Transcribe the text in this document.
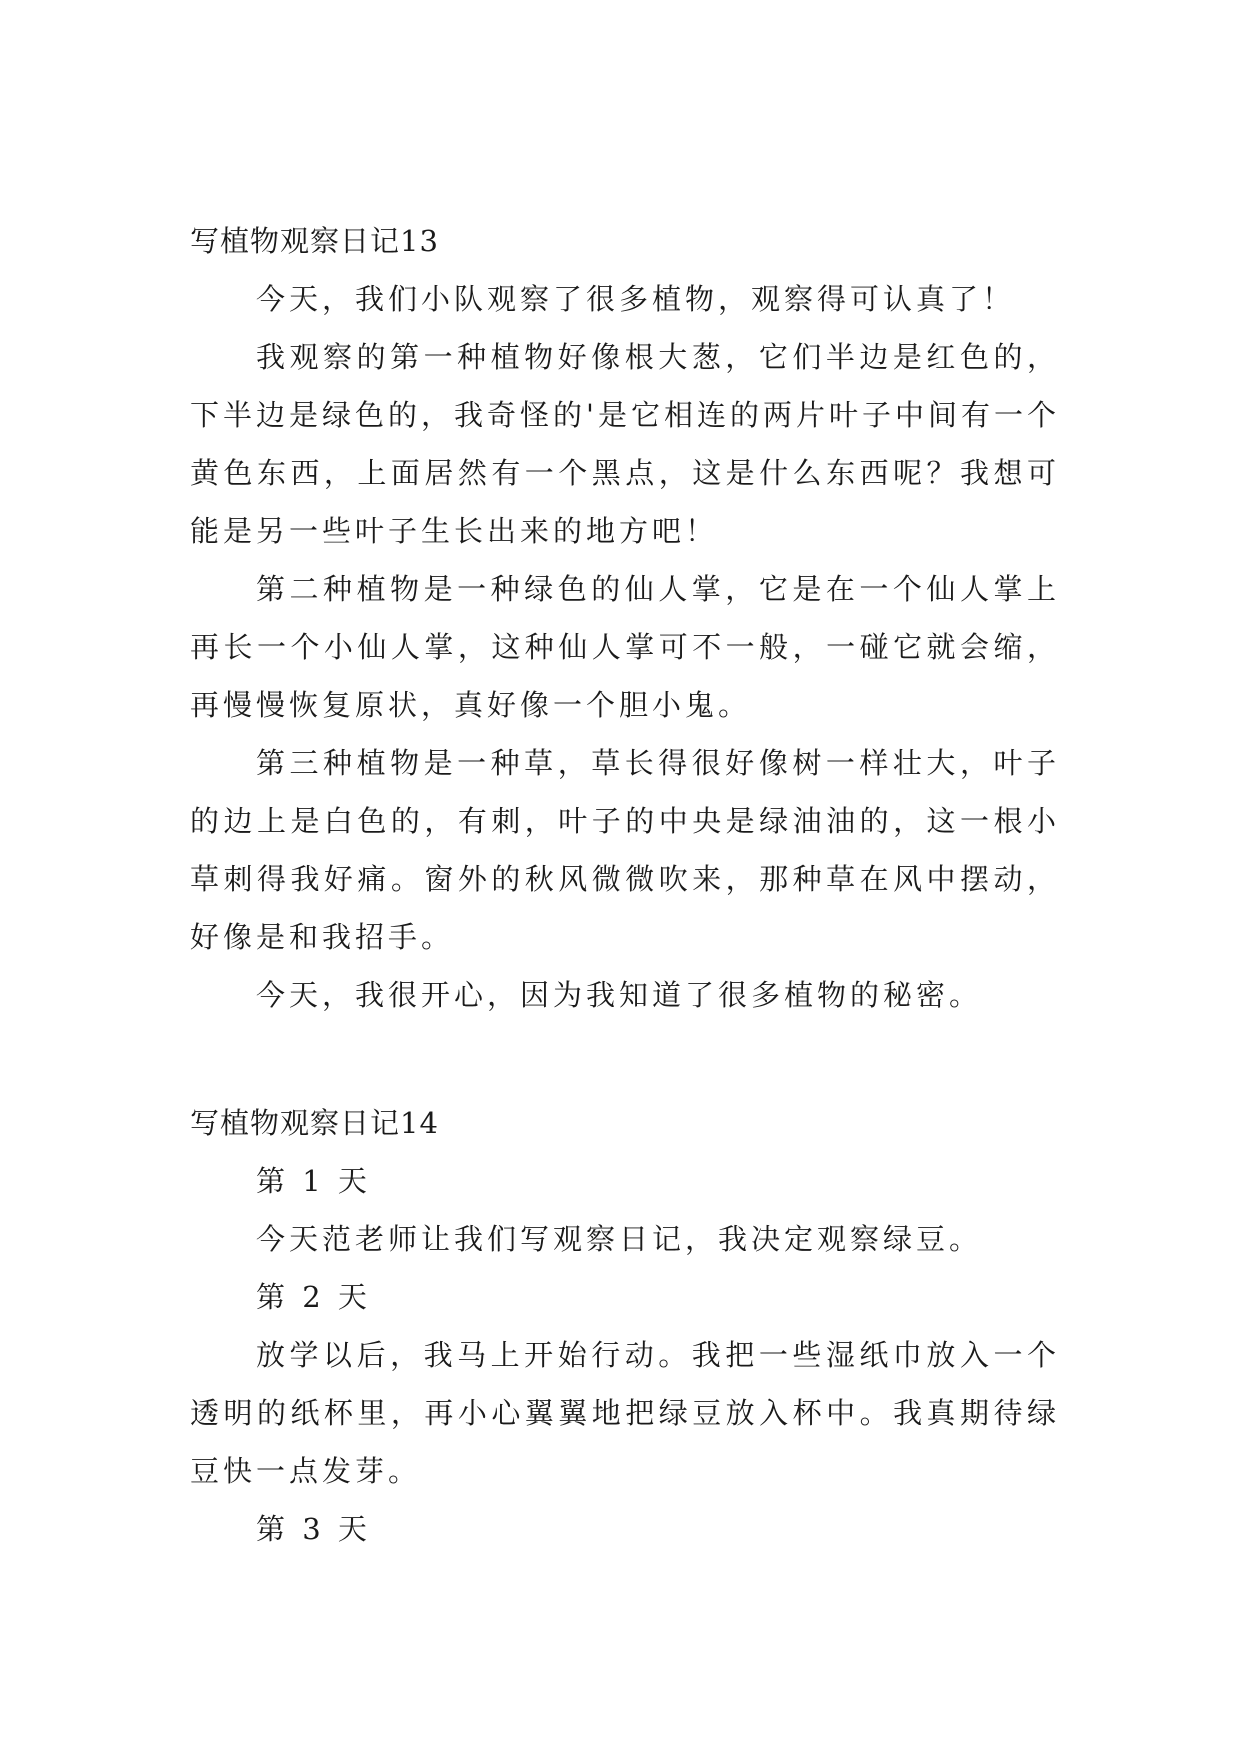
写植物观察日记13

今天，我们小队观察了很多植物，观察得可认真了！

我观察的第一种植物好像根大葱，它们半边是红色的，下半边是绿色的，我奇怪的'是它相连的两片叶子中间有一个黄色东西，上面居然有一个黑点，这是什么东西呢？我想可能是另一些叶子生长出来的地方吧！

第二种植物是一种绿色的仙人掌，它是在一个仙人掌上再长一个小仙人掌，这种仙人掌可不一般，一碰它就会缩，再慢慢恢复原状，真好像一个胆小鬼。

第三种植物是一种草，草长得很好像树一样壮大，叶子的边上是白色的，有刺，叶子的中央是绿油油的，这一根小草刺得我好痛。窗外的秋风微微吹来，那种草在风中摆动，好像是和我招手。

今天，我很开心，因为我知道了很多植物的秘密。

写植物观察日记14

第 1 天

今天范老师让我们写观察日记，我决定观察绿豆。

第 2 天

放学以后，我马上开始行动。我把一些湿纸巾放入一个透明的纸杯里，再小心翼翼地把绿豆放入杯中。我真期待绿豆快一点发芽。

第 3 天
